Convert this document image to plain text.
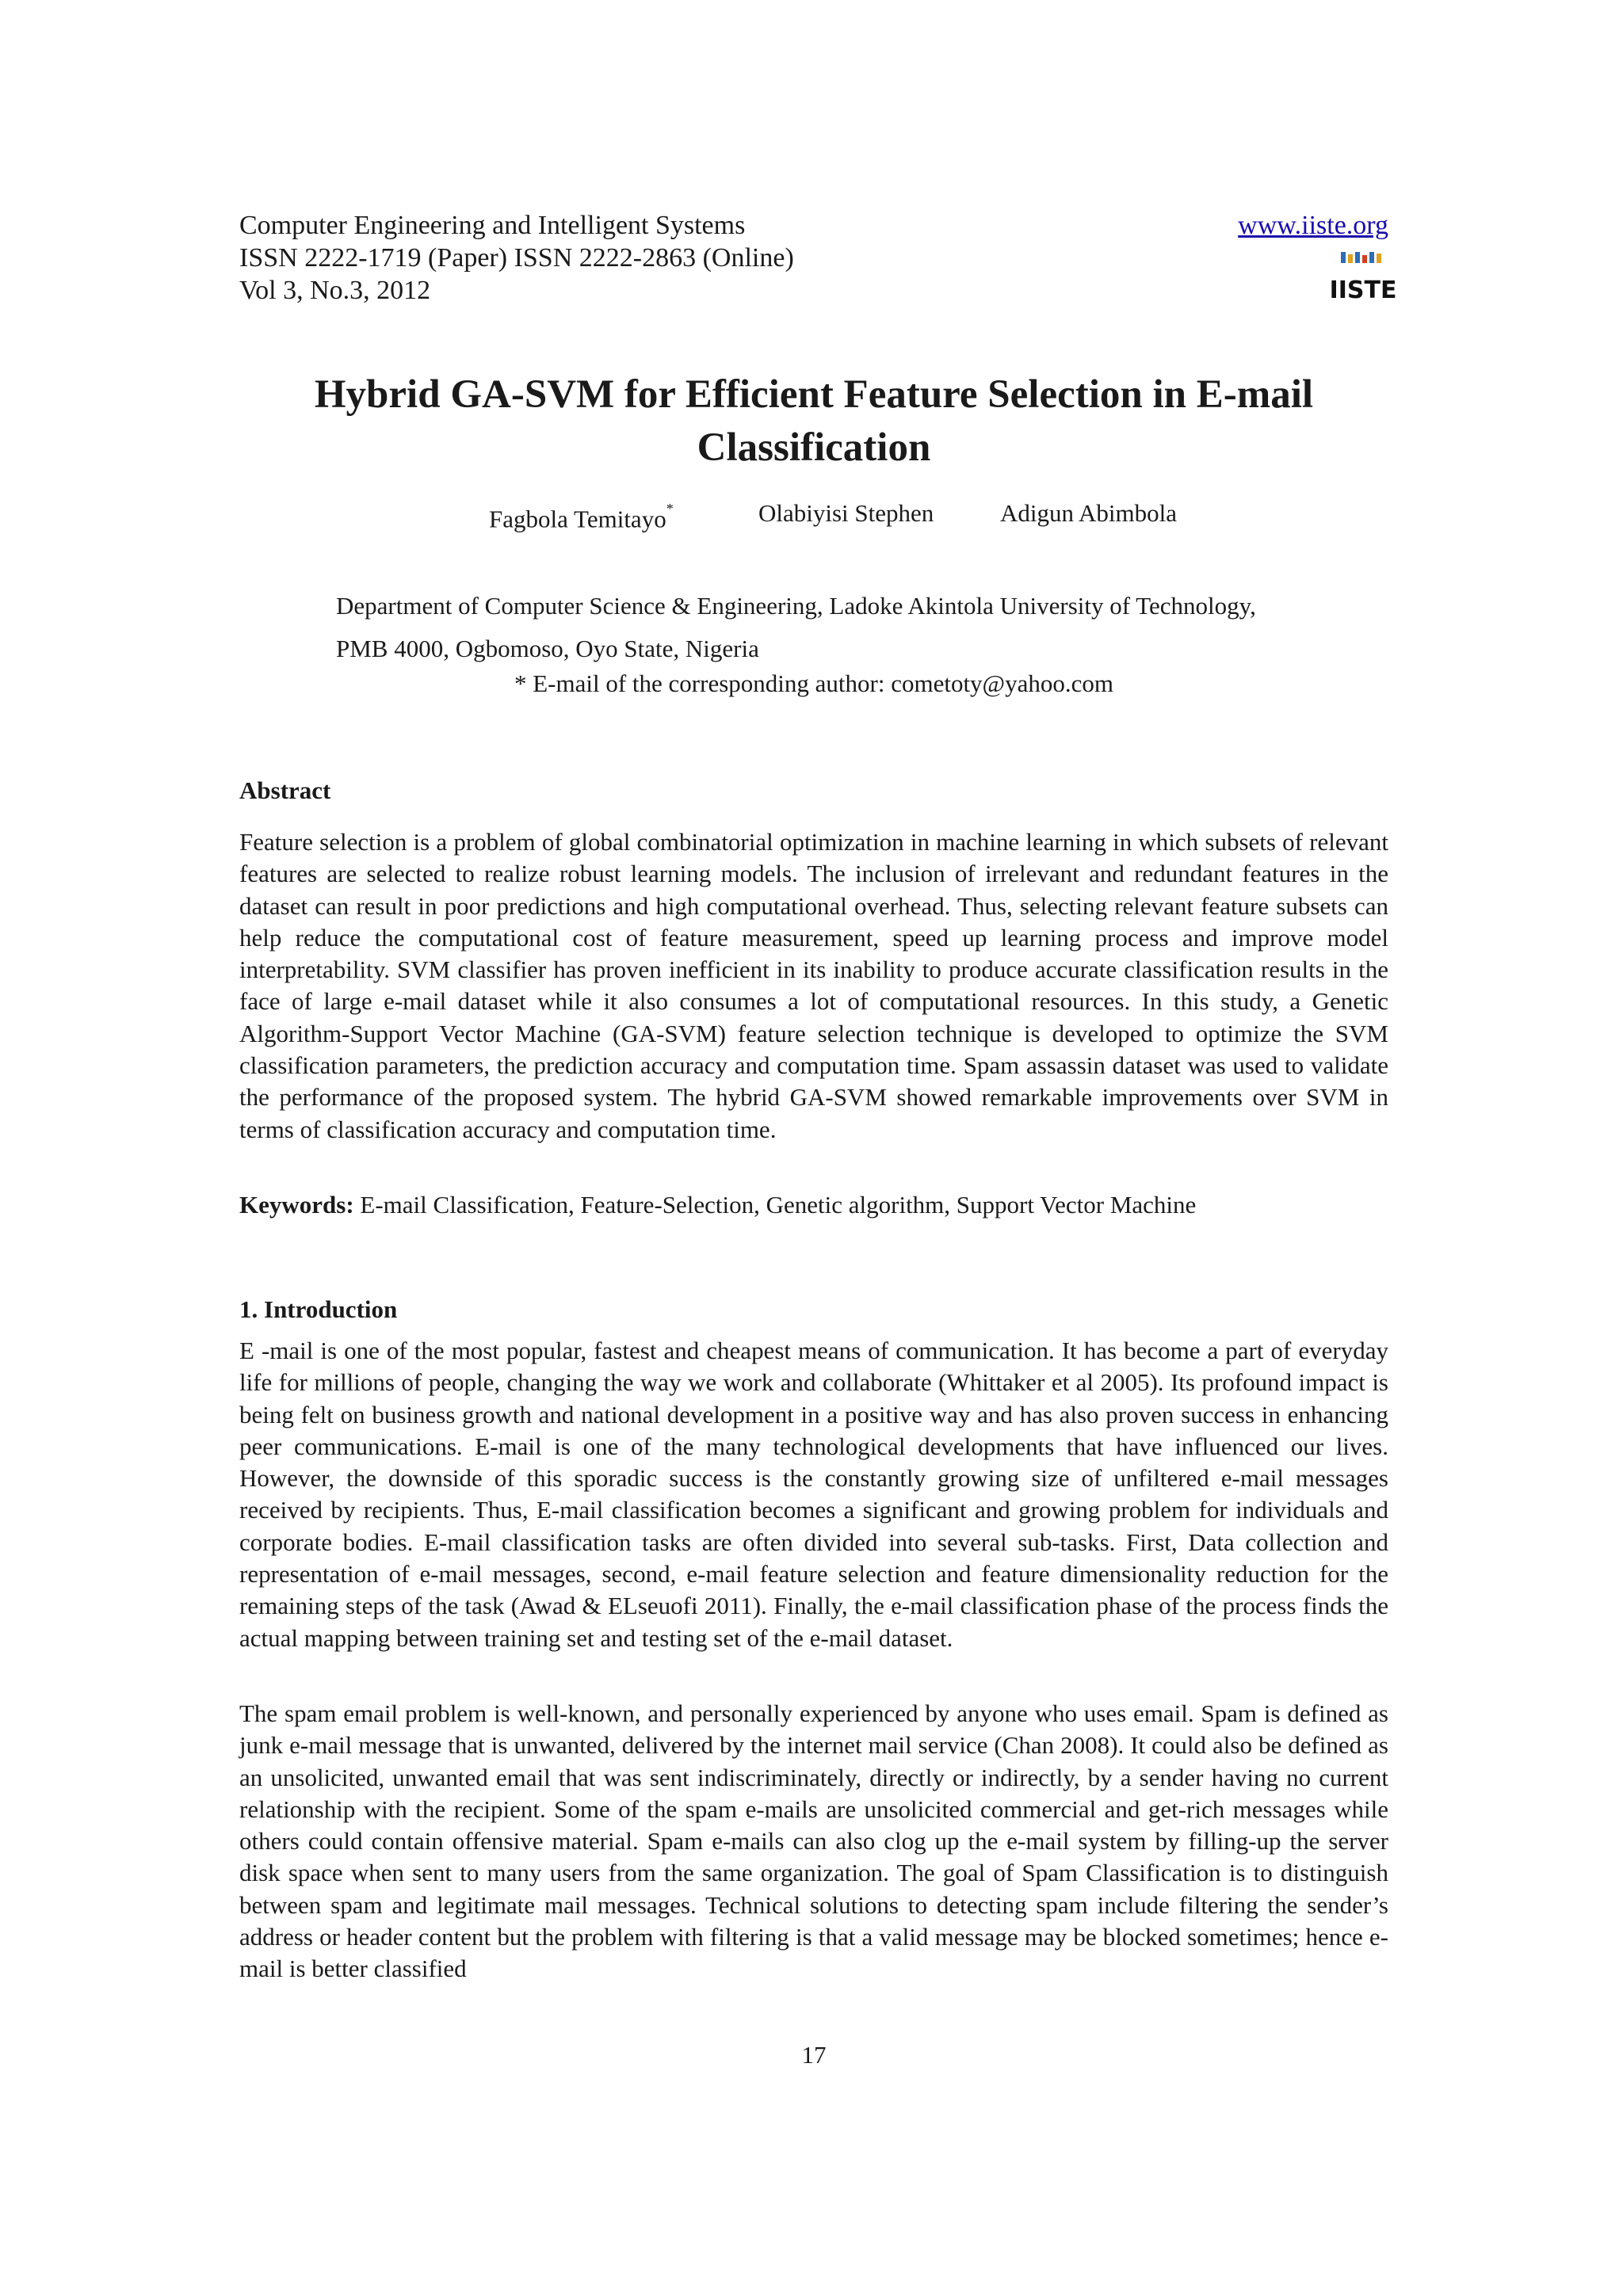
Computer Engineering and Intelligent Systems
ISSN 2222-1719 (Paper) ISSN 2222-2863 (Online)
Vol 3, No.3, 2012
www.iiste.org
IISTE
Hybrid GA-SVM for Efficient Feature Selection in E-mail Classification
Fagbola Temitayo*	Olabiyisi Stephen	Adigun Abimbola
Department of Computer Science & Engineering, Ladoke Akintola University of Technology,
PMB 4000, Ogbomoso, Oyo State, Nigeria
* E-mail of the corresponding author: cometoty@yahoo.com
Abstract

Feature selection is a problem of global combinatorial optimization in machine learning in which subsets of relevant features are selected to realize robust learning models. The inclusion of irrelevant and redundant features in the dataset can result in poor predictions and high computational overhead. Thus, selecting relevant feature subsets can help reduce the computational cost of feature measurement, speed up learning process and improve model interpretability. SVM classifier has proven inefficient in its inability to produce accurate classification results in the face of large e-mail dataset while it also consumes a lot of computational resources. In this study, a Genetic Algorithm-Support Vector Machine (GA-SVM) feature selection technique is developed to optimize the SVM classification parameters, the prediction accuracy and computation time. Spam assassin dataset was used to validate the performance of the proposed system. The hybrid GA-SVM showed remarkable improvements over SVM in terms of classification accuracy and computation time.

Keywords: E-mail Classification, Feature-Selection, Genetic algorithm, Support Vector Machine
1. Introduction

E -mail is one of the most popular, fastest and cheapest means of communication. It has become a part of everyday life for millions of people, changing the way we work and collaborate (Whittaker et al 2005). Its profound impact is being felt on business growth and national development in a positive way and has also proven success in enhancing peer communications. E-mail is one of the many technological developments that have influenced our lives. However, the downside of this sporadic success is the constantly growing size of unfiltered e-mail messages received by recipients. Thus, E-mail classification becomes a significant and growing problem for individuals and corporate bodies. E-mail classification tasks are often divided into several sub-tasks. First, Data collection and representation of e-mail messages, second, e-mail feature selection and feature dimensionality reduction for the remaining steps of the task (Awad & ELseuofi 2011). Finally, the e-mail classification phase of the process finds the actual mapping between training set and testing set of the e-mail dataset.

The spam email problem is well-known, and personally experienced by anyone who uses email. Spam is defined as junk e-mail message that is unwanted, delivered by the internet mail service (Chan 2008). It could also be defined as an unsolicited, unwanted email that was sent indiscriminately, directly or indirectly, by a sender having no current relationship with the recipient. Some of the spam e-mails are unsolicited commercial and get-rich messages while others could contain offensive material. Spam e-mails can also clog up the e-mail system by filling-up the server disk space when sent to many users from the same organization. The goal of Spam Classification is to distinguish between spam and legitimate mail messages. Technical solutions to detecting spam include filtering the sender’s address or header content but the problem with filtering is that a valid message may be blocked sometimes; hence e-mail is better classified

17
